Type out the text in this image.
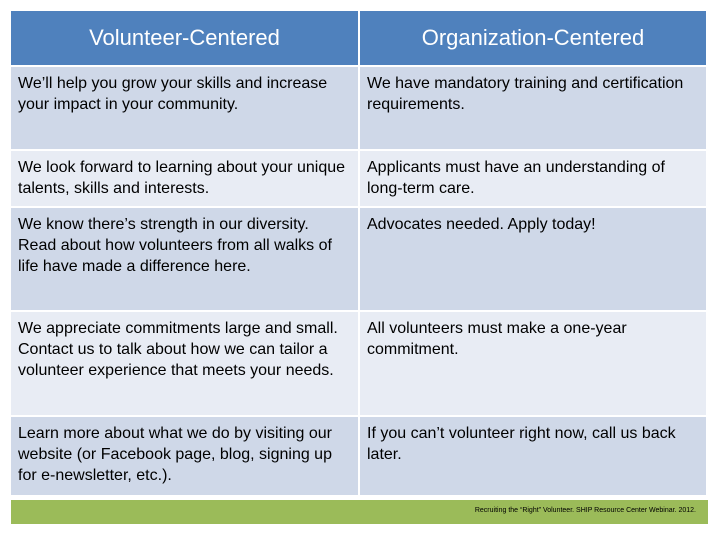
Volunteer-Centered	Organization-Centered
We’ll help you grow your skills and increase your impact in your community.
We have mandatory training and certification requirements.
We look forward to learning about your unique talents, skills and interests.
Applicants must have an understanding of long-term care.
We know there’s strength in our diversity. Read about how volunteers from all walks of life have made a difference here.
Advocates needed. Apply today!
We appreciate commitments large and small. Contact us to talk about how we can tailor a volunteer experience that meets your needs.
All volunteers must make a one-year commitment.
Learn more about what we do by visiting our website (or Facebook page, blog, signing up for e-newsletter, etc.).
If you can’t volunteer right now, call us back later.
Recruiting the “Right” Volunteer. SHIP Resource Center Webinar. 2012.
